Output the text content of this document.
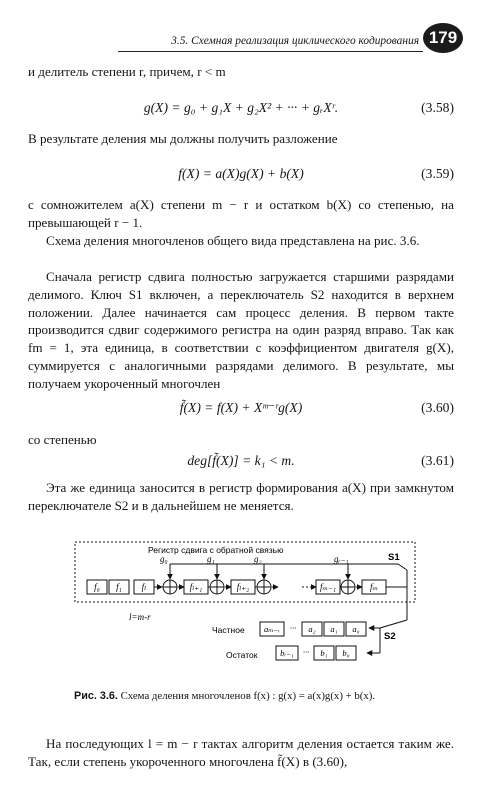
3.5. Схемная реализация циклического кодирования 179

и делитель степени r, причем, r < m

g(X) = g₀ + g₁X + g₂X² + ··· + gᵣXʳ.	(3.58)

В результате деления мы должны получить разложение

f(X) = a(X)g(X) + b(X)	(3.59)

с сомножителем a(X) степени m − r и остатком b(X) со степенью, на превышающей r − 1.

Схема деления многочленов общего вида представлена на рис. 3.6.

Сначала регистр сдвига полностью загружается старшими разрядами делимого. Ключ S1 включен, а переключатель S2 находится в верхнем положении. Далее начинается сам процесс деления. В первом такте производится сдвиг содержимого регистра на один разряд вправо. Так как fm = 1, эта единица, в соответствии с коэффициентом двигателя g(X), суммируется с аналогичными разрядами делимого. В результате, мы получаем укороченный многочлен

f̃(X) = f(X) + Xᵐ⁻ʳg(X)	(3.60)

со степенью

deg[f̃(X)] = k₁ < m.	(3.61)

Эта же единица заносится в регистр формирования a(X) при замкнутом переключателе S2 и в дальнейшем не меняется.

Регистр сдвига с обратной связью
g₀	g₁	g₂	gᵣ₋₁
f₀ f₁ fₗ	fₗ₊₁	fₗ₊₂	fₘ₋₁	fₘ
S1
l=m-r
Частное aₘ₋ᵣ ··· a₂ a₁ a₀
S2
Остаток	bᵣ₋₁ ··· b₁ b₀
Рис. 3.6. Схема деления многочленов f(x) : g(x) = a(x)g(x) + b(x).

На последующих l = m − r тактах алгоритм деления остается таким же. Так, если степень укороченного многочлена f̃(X) в (3.60),
